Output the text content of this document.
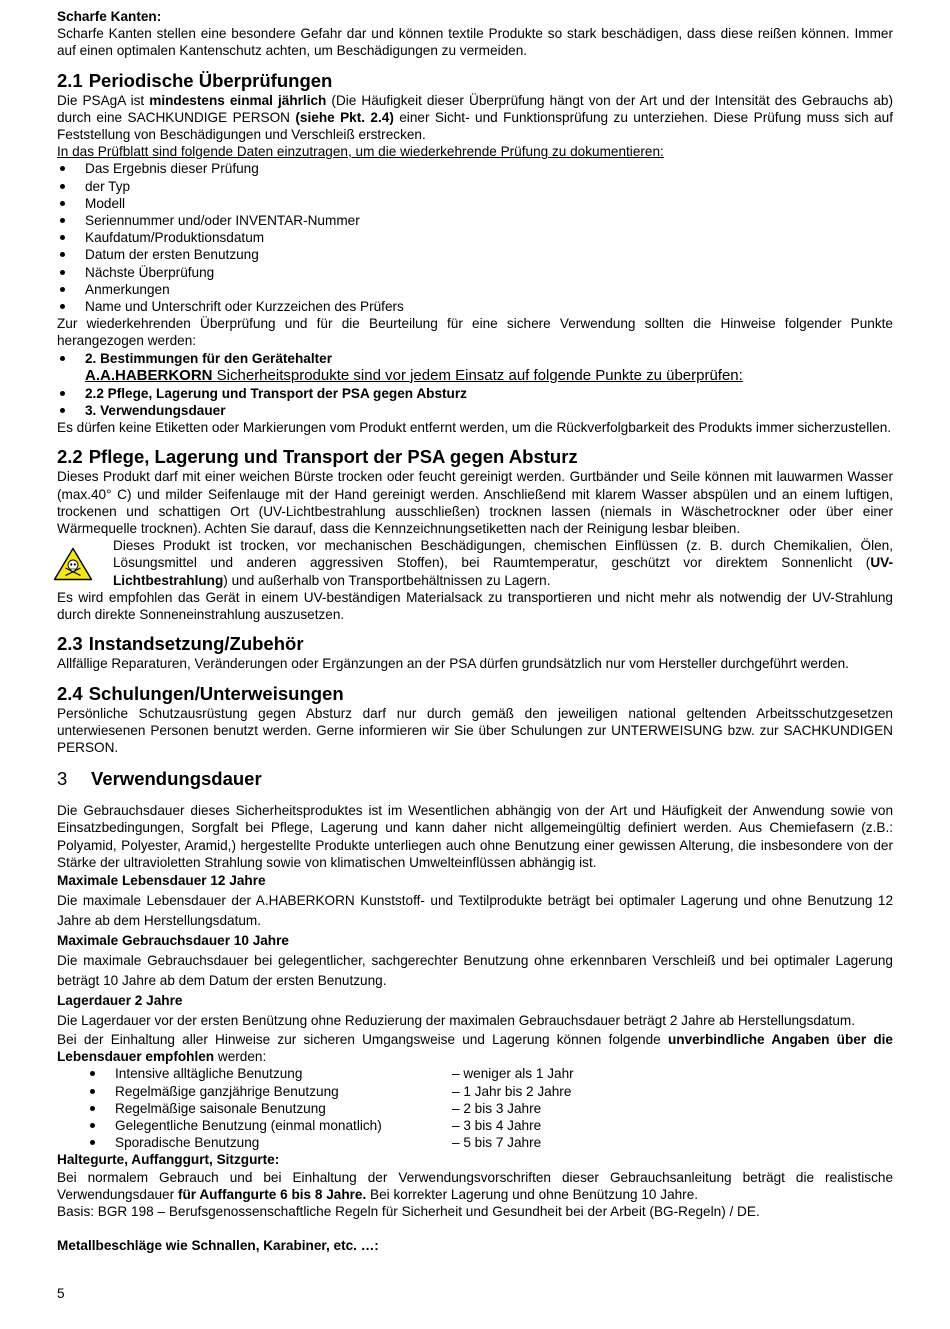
Scharfe Kanten:

Scharfe Kanten stellen eine besondere Gefahr dar und können textile Produkte so stark beschädigen, dass diese reißen können. Immer auf einen optimalen Kantenschutz achten, um Beschädigungen zu vermeiden.

2.1 Periodische Überprüfungen

Die PSAgA ist mindestens einmal jährlich (Die Häufigkeit dieser Überprüfung hängt von der Art und der Intensität des Gebrauchs ab) durch eine SACHKUNDIGE PERSON (siehe Pkt. 2.4) einer Sicht- und Funktionsprüfung zu unterziehen. Diese Prüfung muss sich auf Feststellung von Beschädigungen und Verschleiß erstrecken.

In das Prüfblatt sind folgende Daten einzutragen, um die wiederkehrende Prüfung zu dokumentieren:

Das Ergebnis dieser Prüfung
der Typ
Modell
Seriennummer und/oder INVENTAR-Nummer
Kaufdatum/Produktionsdatum
Datum der ersten Benutzung
Nächste Überprüfung
Anmerkungen
Name und Unterschrift oder Kurzzeichen des Prüfers

Zur wiederkehrenden Überprüfung und für die Beurteilung für eine sichere Verwendung sollten die Hinweise folgender Punkte herangezogen werden:

2. Bestimmungen für den Gerätehalter
A.A.HABERKORN Sicherheitsprodukte sind vor jedem Einsatz auf folgende Punkte zu überprüfen:
2.2 Pflege, Lagerung und Transport der PSA gegen Absturz
3. Verwendungsdauer

Es dürfen keine Etiketten oder Markierungen vom Produkt entfernt werden, um die Rückverfolgbarkeit des Produkts immer sicherzustellen.

2.2 Pflege, Lagerung und Transport der PSA gegen Absturz

Dieses Produkt darf mit einer weichen Bürste trocken oder feucht gereinigt werden. Gurtbänder und Seile können mit lauwarmen Wasser (max.40° C) und milder Seifenlauge mit der Hand gereinigt werden. Anschließend mit klarem Wasser abspülen und an einem luftigen, trockenen und schattigen Ort (UV-Lichtbestrahlung ausschließen) trocknen lassen (niemals in Wäschetrockner oder über einer Wärmequelle trocknen). Achten Sie darauf, dass die Kennzeichnungsetiketten nach der Reinigung lesbar bleiben.

Dieses Produkt ist trocken, vor mechanischen Beschädigungen, chemischen Einflüssen (z. B. durch Chemikalien, Ölen, Lösungsmittel und anderen aggressiven Stoffen), bei Raumtemperatur, geschützt vor direktem Sonnenlicht (UV-Lichtbestrahlung) und außerhalb von Transportbehältnissen zu Lagern.

Es wird empfohlen das Gerät in einem UV-beständigen Materialsack zu transportieren und nicht mehr als notwendig der UV-Strahlung durch direkte Sonneneinstrahlung auszusetzen.

2.3 Instandsetzung/Zubehör

Allfällige Reparaturen, Veränderungen oder Ergänzungen an der PSA dürfen grundsätzlich nur vom Hersteller durchgeführt werden.

2.4 Schulungen/Unterweisungen

Persönliche Schutzausrüstung gegen Absturz darf nur durch gemäß den jeweiligen national geltenden Arbeitsschutzgesetzen unterwiesenen Personen benutzt werden. Gerne informieren wir Sie über Schulungen zur UNTERWEISUNG bzw. zur SACHKUNDIGEN PERSON.

3 Verwendungsdauer

Die Gebrauchsdauer dieses Sicherheitsproduktes ist im Wesentlichen abhängig von der Art und Häufigkeit der Anwendung sowie von Einsatzbedingungen, Sorgfalt bei Pflege, Lagerung und kann daher nicht allgemeingültig definiert werden. Aus Chemiefasern (z.B.: Polyamid, Polyester, Aramid,) hergestellte Produkte unterliegen auch ohne Benutzung einer gewissen Alterung, die insbesondere von der Stärke der ultravioletten Strahlung sowie von klimatischen Umwelteinflüssen abhängig ist.

Maximale Lebensdauer 12 Jahre

Die maximale Lebensdauer der A.HABERKORN Kunststoff- und Textilprodukte beträgt bei optimaler Lagerung und ohne Benutzung 12 Jahre ab dem Herstellungsdatum.

Maximale Gebrauchsdauer 10 Jahre

Die maximale Gebrauchsdauer bei gelegentlicher, sachgerechter Benutzung ohne erkennbaren Verschleiß und bei optimaler Lagerung beträgt 10 Jahre ab dem Datum der ersten Benutzung.

Lagerdauer 2 Jahre

Die Lagerdauer vor der ersten Benützung ohne Reduzierung der maximalen Gebrauchsdauer beträgt 2 Jahre ab Herstellungsdatum.

Bei der Einhaltung aller Hinweise zur sicheren Umgangsweise und Lagerung können folgende unverbindliche Angaben über die Lebensdauer empfohlen werden:

Intensive alltägliche Benutzung	– weniger als 1 Jahr
Regelmäßige ganzjährige Benutzung	– 1 Jahr bis 2 Jahre
Regelmäßige saisonale Benutzung	– 2 bis 3 Jahre
Gelegentliche Benutzung (einmal monatlich)	– 3 bis 4 Jahre
Sporadische Benutzung	– 5 bis 7 Jahre

Haltegurte, Auffanggurt, Sitzgurte:

Bei normalem Gebrauch und bei Einhaltung der Verwendungsvorschriften dieser Gebrauchsanleitung beträgt die realistische Verwendungsdauer für Auffangurte 6 bis 8 Jahre. Bei korrekter Lagerung und ohne Benützung 10 Jahre.

Basis: BGR 198 – Berufsgenossenschaftliche Regeln für Sicherheit und Gesundheit bei der Arbeit (BG-Regeln) / DE.

Metallbeschläge wie Schnallen, Karabiner, etc. …:

5
